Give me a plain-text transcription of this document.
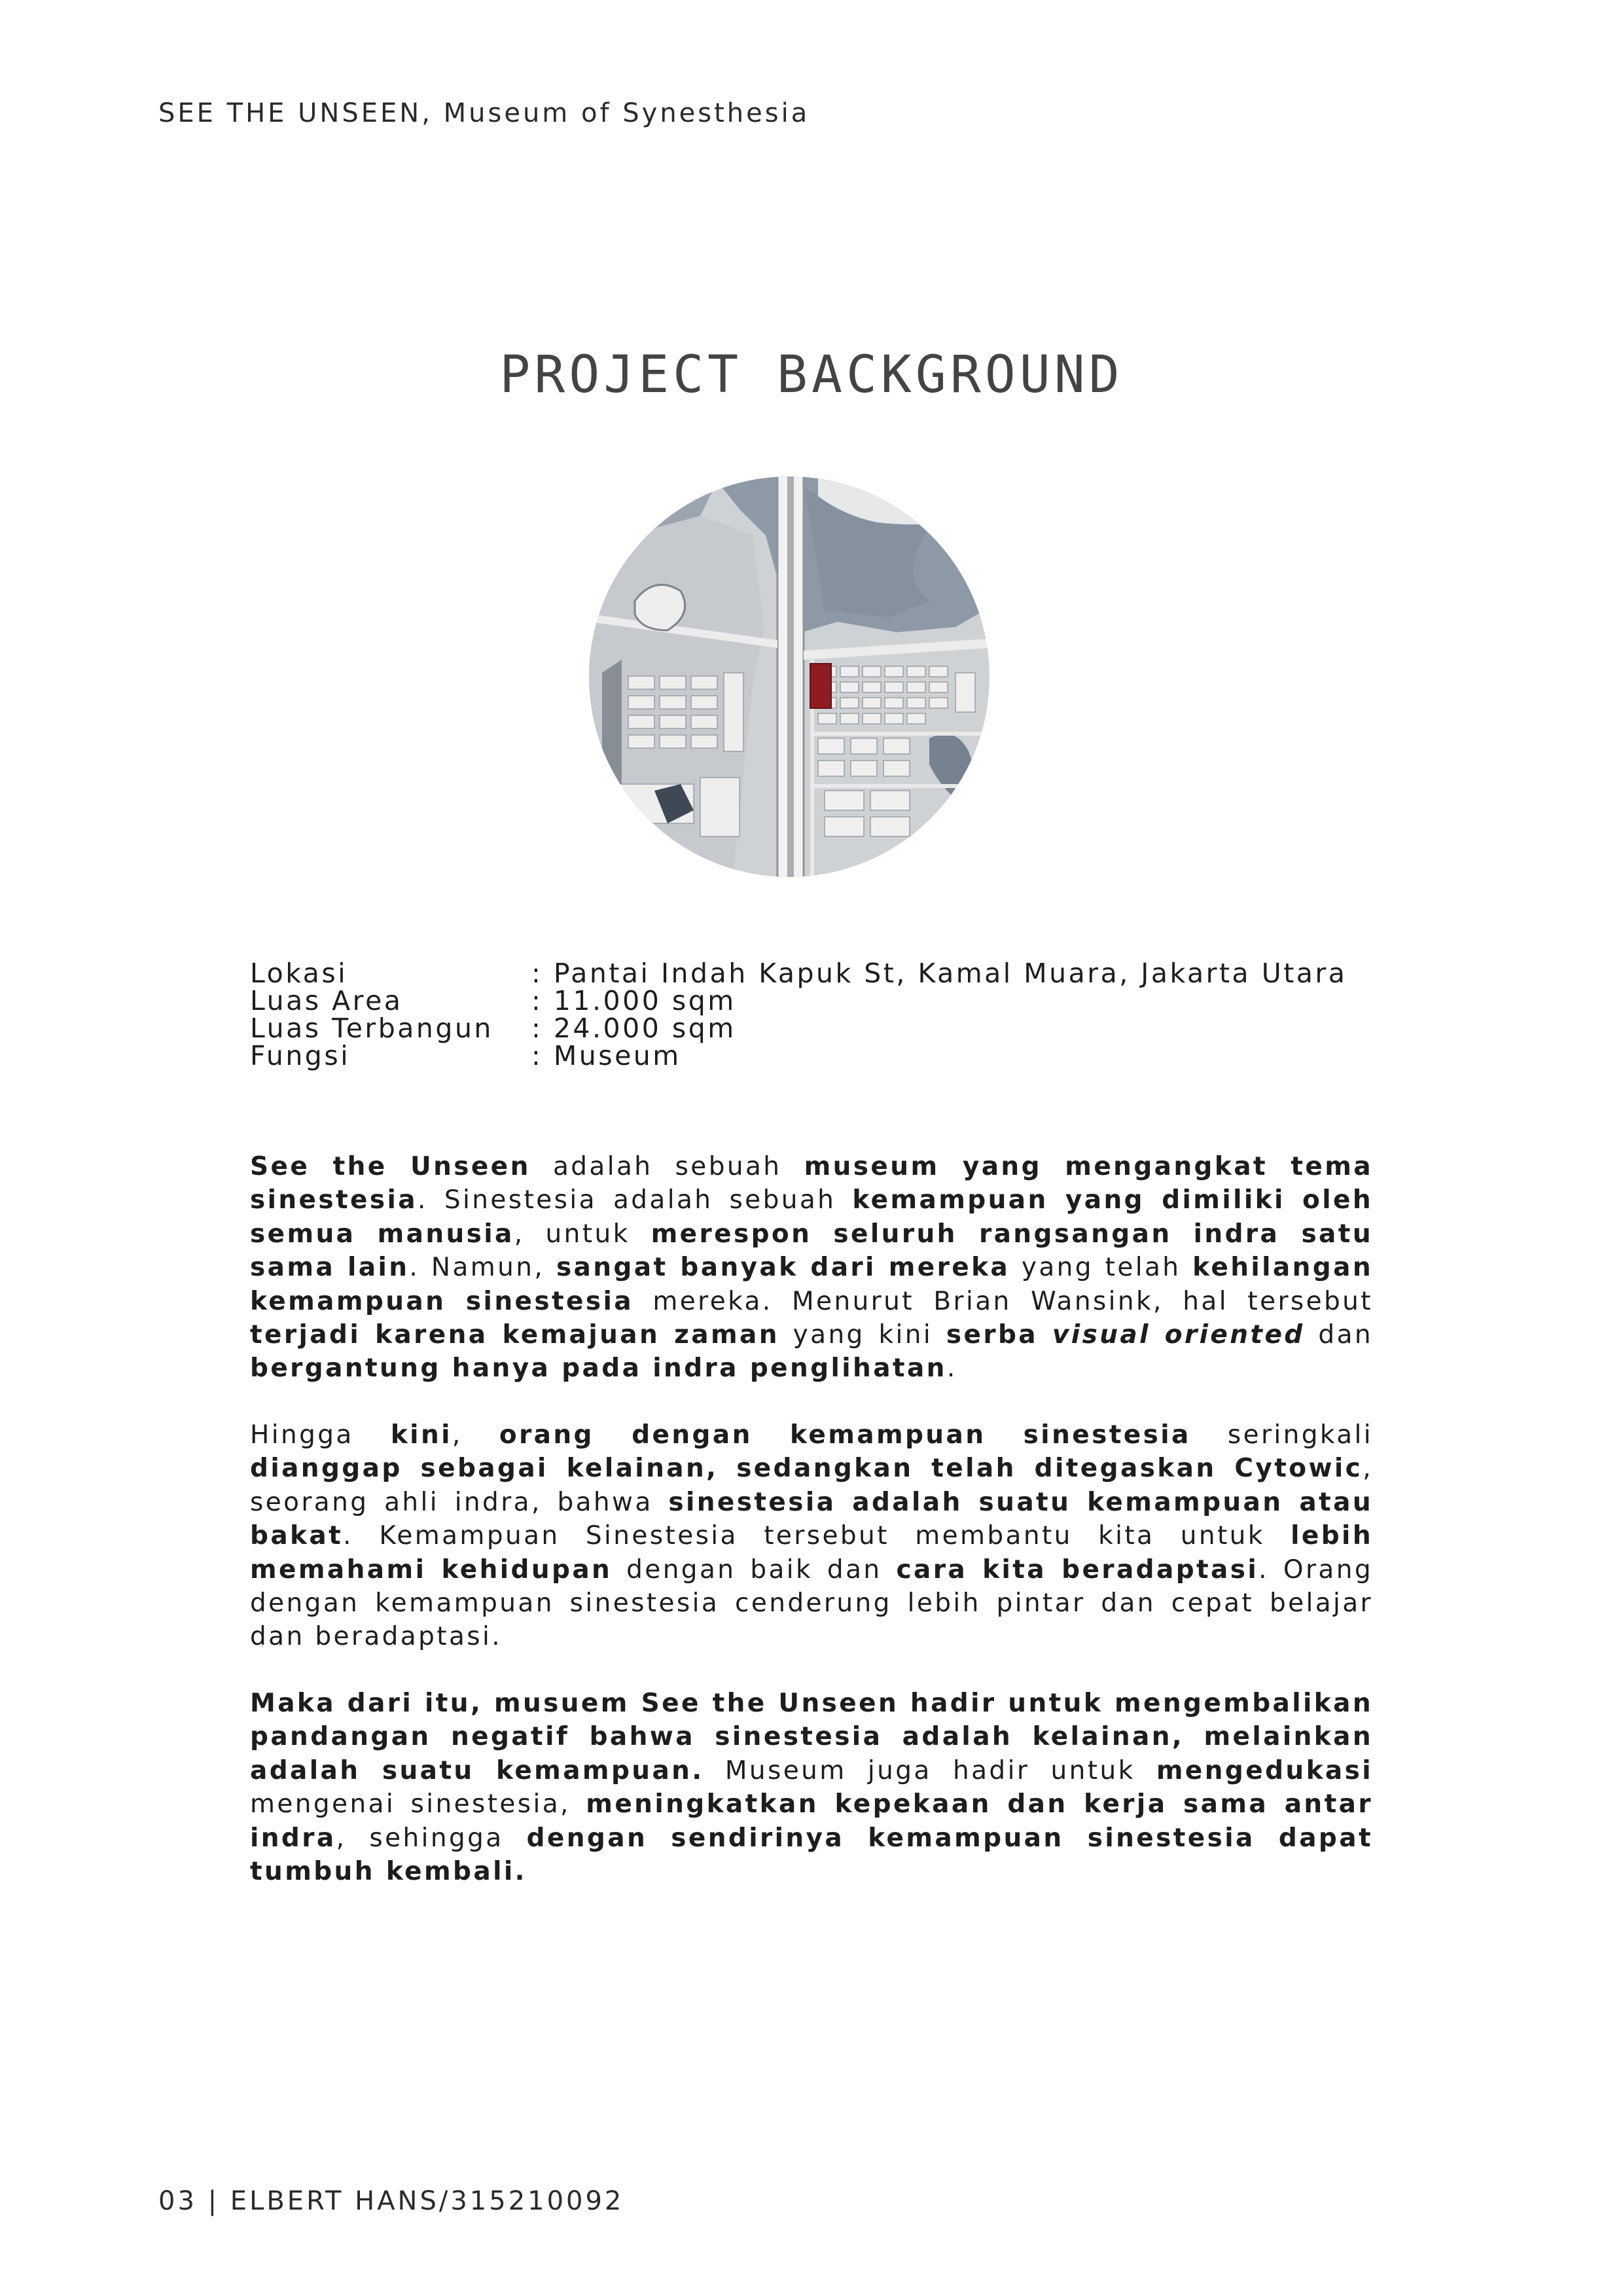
SEE THE UNSEEN, Museum of Synesthesia
PROJECT BACKGROUND
Lokasi	: Pantai Indah Kapuk St, Kamal Muara, Jakarta Utara
Luas Area	: 11.000 sqm
Luas Terbangun	: 24.000 sqm
Fungsi	: Museum

See the Unseen adalah sebuah museum yang mengangkat tema sinestesia. Sinestesia adalah sebuah kemampuan yang dimiliki oleh semua manusia, untuk merespon seluruh rangsangan indra satu sama lain. Namun, sangat banyak dari mereka yang telah kehilangan kemampuan sinestesia mereka. Menurut Brian Wansink, hal tersebut terjadi karena kemajuan zaman yang kini serba visual oriented dan bergantung hanya pada indra penglihatan.

Hingga kini, orang dengan kemampuan sinestesia seringkali dianggap sebagai kelainan, sedangkan telah ditegaskan Cytowic, seorang ahli indra, bahwa sinestesia adalah suatu kemampuan atau bakat. Kemampuan Sinestesia tersebut membantu kita untuk lebih memahami kehidupan dengan baik dan cara kita beradaptasi. Orang dengan kemampuan sinestesia cenderung lebih pintar dan cepat belajar dan beradaptasi.

Maka dari itu, musuem See the Unseen hadir untuk mengembalikan pandangan negatif bahwa sinestesia adalah kelainan, melainkan adalah suatu kemampuan. Museum juga hadir untuk mengedukasi mengenai sinestesia, meningkatkan kepekaan dan kerja sama antar indra, sehingga dengan sendirinya kemampuan sinestesia dapat tumbuh kembali.

03 | ELBERT HANS/315210092
